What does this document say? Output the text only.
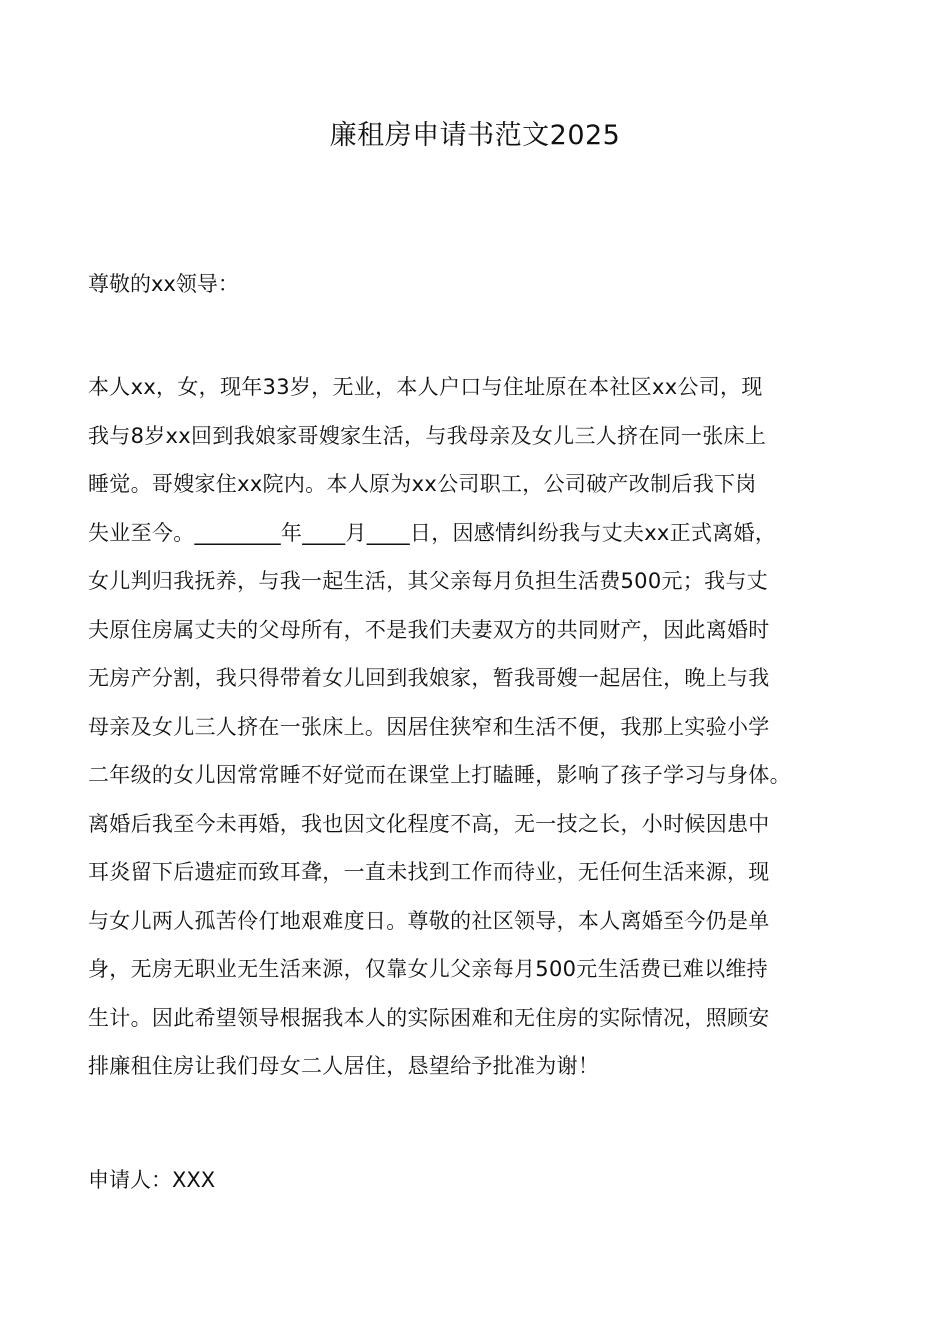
廉租房申请书范文2025
尊敬的xx领导：
本人xx，女，现年33岁，无业，本人户口与住址原在本社区xx公司，现
我与8岁xx回到我娘家哥嫂家生活，与我母亲及女儿三人挤在同一张床上
睡觉。哥嫂家住xx院内。本人原为xx公司职工，公司破产改制后我下岗
失业至今。________年____月____日，因感情纠纷我与丈夫xx正式离婚，
女儿判归我抚养，与我一起生活，其父亲每月负担生活费500元；我与丈
夫原住房属丈夫的父母所有，不是我们夫妻双方的共同财产，因此离婚时
无房产分割，我只得带着女儿回到我娘家，暂我哥嫂一起居住，晚上与我
母亲及女儿三人挤在一张床上。因居住狭窄和生活不便，我那上实验小学
二年级的女儿因常常睡不好觉而在课堂上打瞌睡，影响了孩子学习与身体。
离婚后我至今未再婚，我也因文化程度不高，无一技之长，小时候因患中
耳炎留下后遗症而致耳聋，一直未找到工作而待业，无任何生活来源，现
与女儿两人孤苦伶仃地艰难度日。尊敬的社区领导，本人离婚至今仍是单
身，无房无职业无生活来源，仅靠女儿父亲每月500元生活费已难以维持
生计。因此希望领导根据我本人的实际困难和无住房的实际情况，照顾安
排廉租住房让我们母女二人居住，恳望给予批准为谢！
申请人：XXX
